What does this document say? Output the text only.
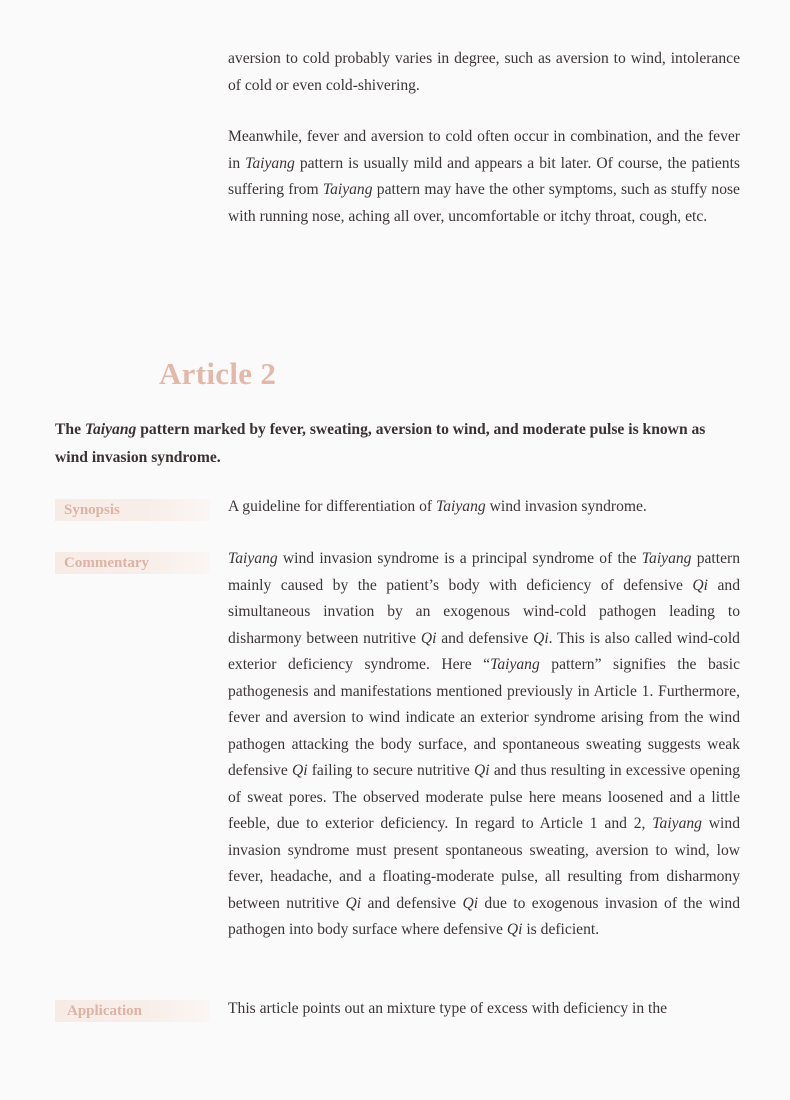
aversion to cold probably varies in degree, such as aversion to wind, intolerance of cold or even cold-shivering.

Meanwhile, fever and aversion to cold often occur in combination, and the fever in Taiyang pattern is usually mild and appears a bit later. Of course, the patients suffering from Taiyang pattern may have the other symptoms, such as stuffy nose with running nose, aching all over, uncomfortable or itchy throat, cough, etc.

Article 2

The Taiyang pattern marked by fever, sweating, aversion to wind, and moderate pulse is known as wind invasion syndrome.

Synopsis	A guideline for differentiation of Taiyang wind invasion syndrome.

Commentary	Taiyang wind invasion syndrome is a principal syndrome of the Taiyang pattern mainly caused by the patient’s body with deficiency of defensive Qi and simultaneous invation by an exogenous wind-cold pathogen leading to disharmony between nutritive Qi and defensive Qi. This is also called wind-cold exterior deficiency syndrome. Here “Taiyang pattern” signifies the basic pathogenesis and manifestations mentioned previously in Article 1. Furthermore, fever and aversion to wind indicate an exterior syndrome arising from the wind pathogen attacking the body surface, and spontaneous sweating suggests weak defensive Qi failing to secure nutritive Qi and thus resulting in excessive opening of sweat pores. The observed moderate pulse here means loosened and a little feeble, due to exterior deficiency. In regard to Article 1 and 2, Taiyang wind invasion syndrome must present spontaneous sweating, aversion to wind, low fever, headache, and a floating-moderate pulse, all resulting from disharmony between nutritive Qi and defensive Qi due to exogenous invasion of the wind pathogen into body surface where defensive Qi is deficient.

Application	This article points out an mixture type of excess with deficiency in the
